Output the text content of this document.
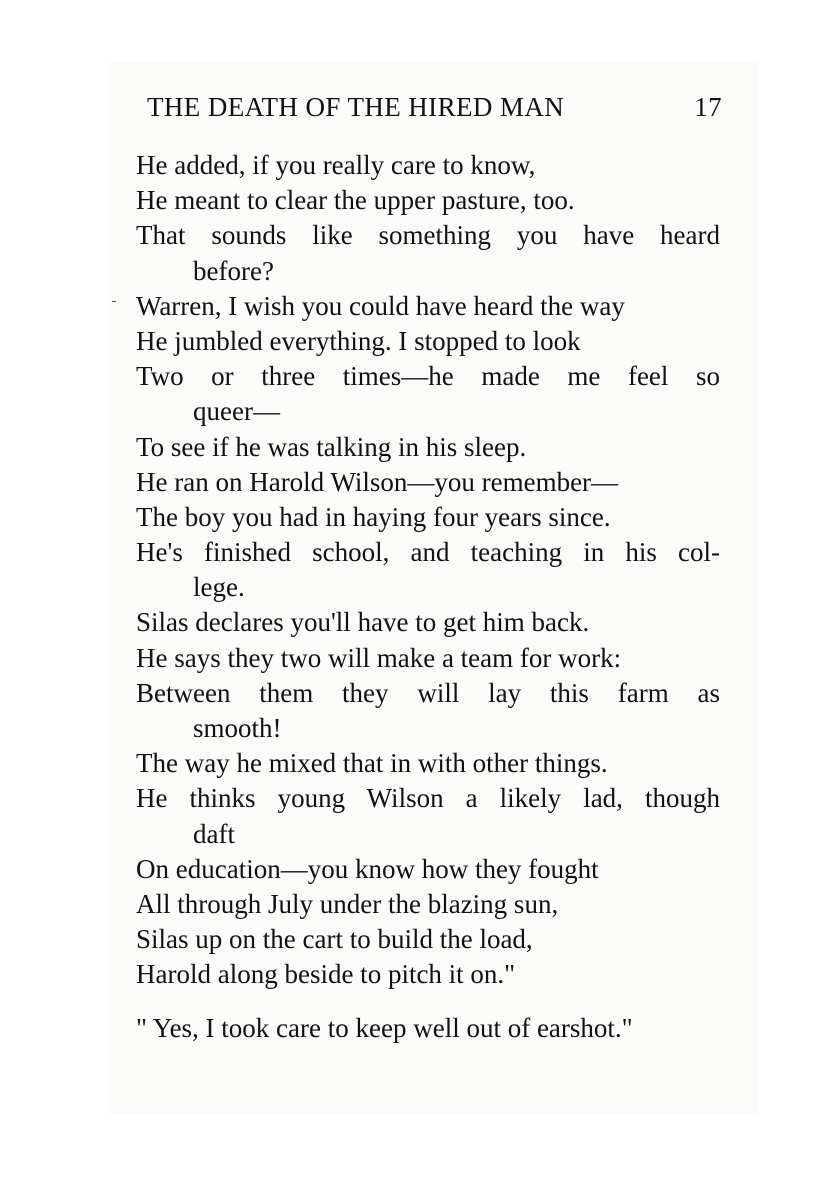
THE DEATH OF THE HIRED MAN	17
He added, if you really care to know,
He meant to clear the upper pasture, too.
That sounds like something you have heard
before?
Warren, I wish you could have heard the way
He jumbled everything. I stopped to look
Two or three times—he made me feel so
queer—
To see if he was talking in his sleep.
He ran on Harold Wilson—you remember—
The boy you had in haying four years since.
He's finished school, and teaching in his col-
lege.
Silas declares you'll have to get him back.
He says they two will make a team for work:
Between them they will lay this farm as
smooth!
The way he mixed that in with other things.
He thinks young Wilson a likely lad, though
daft
On education—you know how they fought
All through July under the blazing sun,
Silas up on the cart to build the load,
Harold along beside to pitch it on."
" Yes, I took care to keep well out of earshot."
